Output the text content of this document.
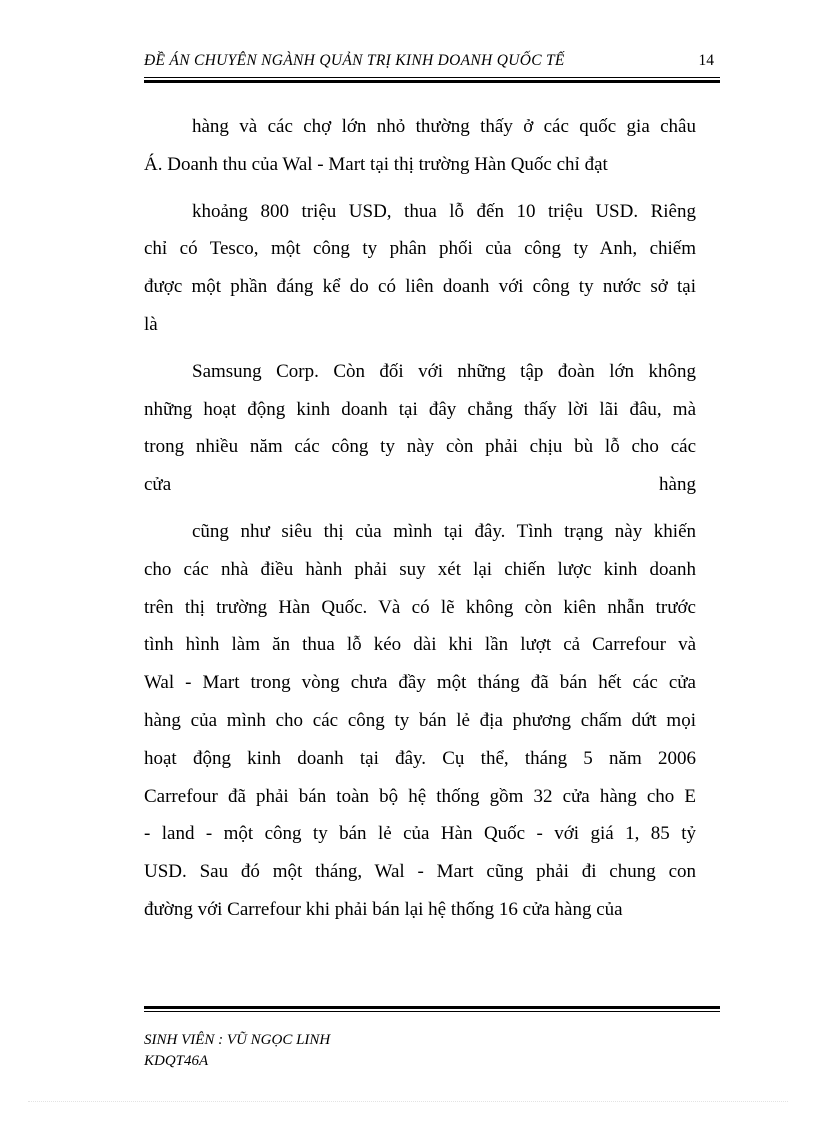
ĐỀ ÁN CHUYÊN NGÀNH QUẢN TRỊ KINH DOANH QUỐC TẾ	14
hàng và các chợ lớn nhỏ thường thấy ở các quốc gia châu
Á. Doanh thu của Wal - Mart tại thị trường Hàn Quốc chỉ đạt
khoảng 800 triệu USD, thua lỗ đến 10 triệu USD. Riêng
chỉ có Tesco, một công ty phân phối của công ty Anh, chiếm
được một phần đáng kể do có liên doanh với công ty nước sở tại
là
Samsung Corp. Còn đối với những tập đoàn lớn không
những hoạt động kinh doanh tại đây chẳng thấy lời lãi đâu, mà
trong nhiều năm các công ty này còn phải chịu bù lỗ cho các
cửa hàng
cũng như siêu thị của mình tại đây. Tình trạng này khiến
cho các nhà điều hành phải suy xét lại chiến lược kinh doanh
trên thị trường Hàn Quốc. Và có lẽ không còn kiên nhẫn trước
tình hình làm ăn thua lỗ kéo dài khi lần lượt cả Carrefour và
Wal - Mart trong vòng chưa đầy một tháng đã bán hết các cửa
hàng của mình cho các công ty bán lẻ địa phương chấm dứt mọi
hoạt động kinh doanh tại đây. Cụ thể, tháng 5 năm 2006
Carrefour đã phải bán toàn bộ hệ thống gồm 32 cửa hàng cho E
- land - một công ty bán lẻ của Hàn Quốc - với giá 1, 85 tỷ
USD. Sau đó một tháng, Wal - Mart cũng phải đi chung con
đường với Carrefour khi phải bán lại hệ thống 16 cửa hàng của
SINH VIÊN : VŨ NGỌC LINH
KDQT46A
